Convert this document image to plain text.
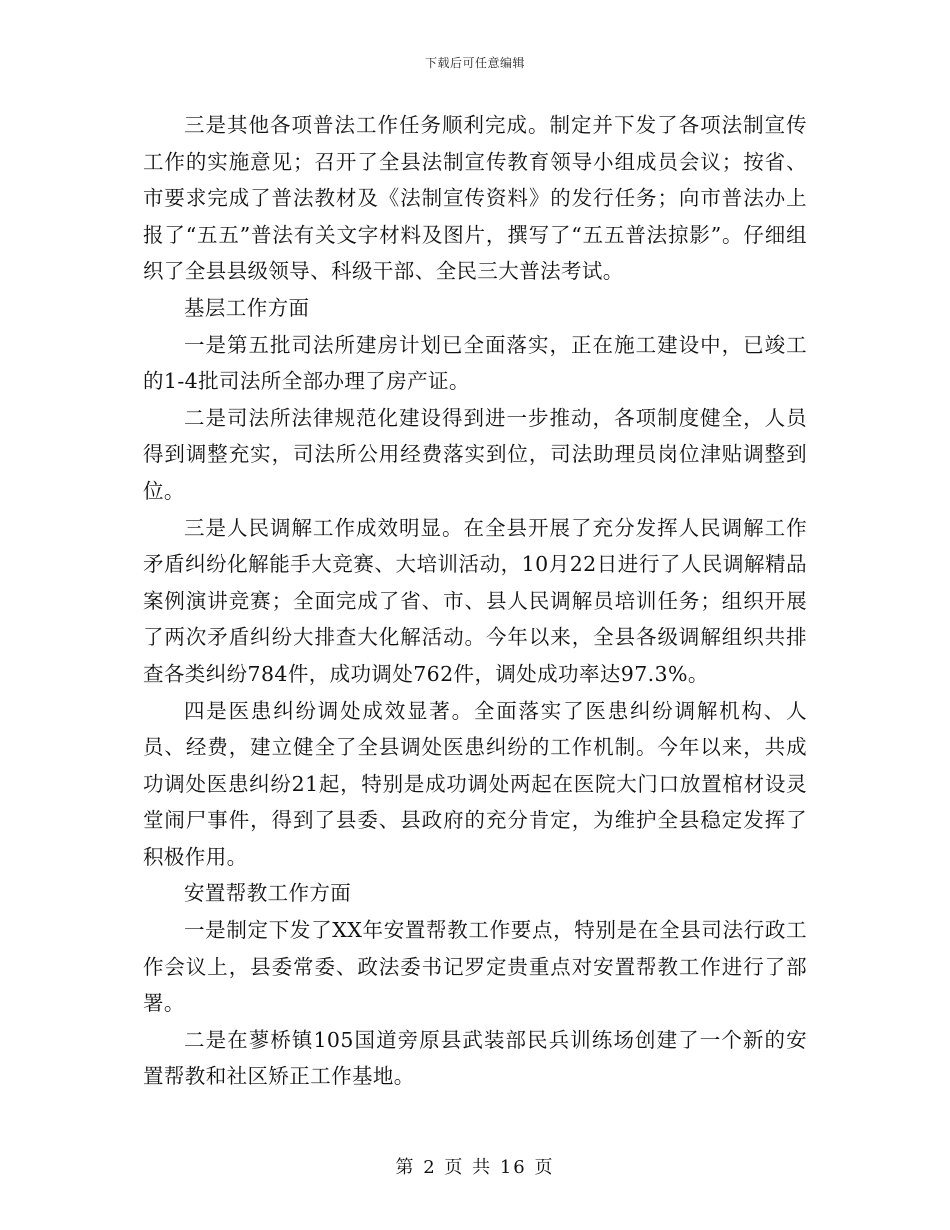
下载后可任意编辑

三是其他各项普法工作任务顺利完成。制定并下发了各项法制宣传工作的实施意见；召开了全县法制宣传教育领导小组成员会议；按省、市要求完成了普法教材及《法制宣传资料》的发行任务；向市普法办上报了“五五”普法有关文字材料及图片，撰写了“五五普法掠影”。仔细组织了全县县级领导、科级干部、全民三大普法考试。

基层工作方面

一是第五批司法所建房计划已全面落实，正在施工建设中，已竣工的1-4批司法所全部办理了房产证。

二是司法所法律规范化建设得到进一步推动，各项制度健全，人员得到调整充实，司法所公用经费落实到位，司法助理员岗位津贴调整到位。

三是人民调解工作成效明显。在全县开展了充分发挥人民调解工作矛盾纠纷化解能手大竞赛、大培训活动，10月22日进行了人民调解精品案例演讲竞赛；全面完成了省、市、县人民调解员培训任务；组织开展了两次矛盾纠纷大排查大化解活动。今年以来，全县各级调解组织共排查各类纠纷784件，成功调处762件，调处成功率达97.3%。

四是医患纠纷调处成效显著。全面落实了医患纠纷调解机构、人员、经费，建立健全了全县调处医患纠纷的工作机制。今年以来，共成功调处医患纠纷21起，特别是成功调处两起在医院大门口放置棺材设灵堂闹尸事件，得到了县委、县政府的充分肯定，为维护全县稳定发挥了积极作用。

安置帮教工作方面

一是制定下发了XX年安置帮教工作要点，特别是在全县司法行政工作会议上，县委常委、政法委书记罗定贵重点对安置帮教工作进行了部署。

二是在蓼桥镇105国道旁原县武装部民兵训练场创建了一个新的安置帮教和社区矫正工作基地。

第 2 页 共 16 页
